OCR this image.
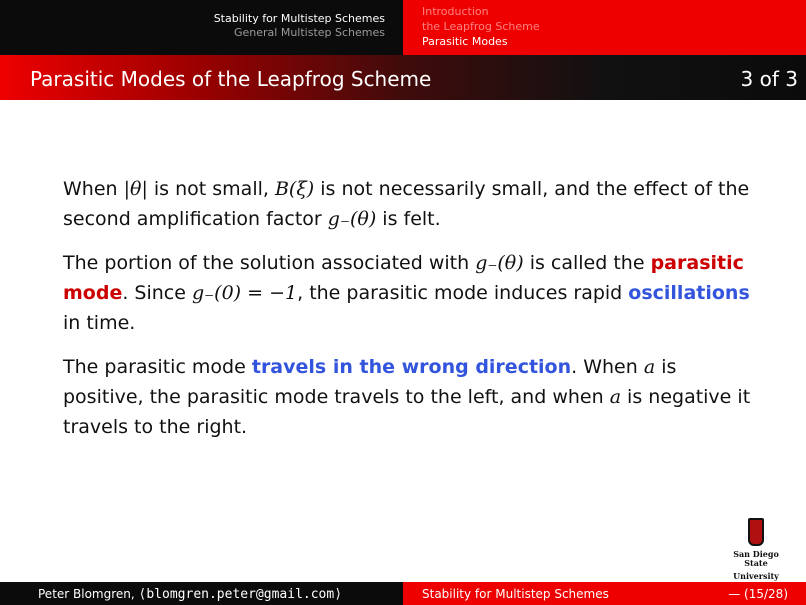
Stability for Multistep Schemes
General Multistep Schemes
Introduction
the Leapfrog Scheme
Parasitic Modes
Parasitic Modes of the Leapfrog Scheme	3 of 3

When |θ| is not small, B(ξ) is not necessarily small, and the effect of the second amplification factor g₋(θ) is felt.

The portion of the solution associated with g₋(θ) is called the parasitic mode. Since g₋(0) = −1, the parasitic mode induces rapid oscillations in time.

The parasitic mode travels in the wrong direction. When a is positive, the parasitic mode travels to the left, and when a is negative it travels to the right.

San Diego State
University
Peter Blomgren, ⟨blomgren.peter@gmail.com⟩	Stability for Multistep Schemes	— (15/28)
